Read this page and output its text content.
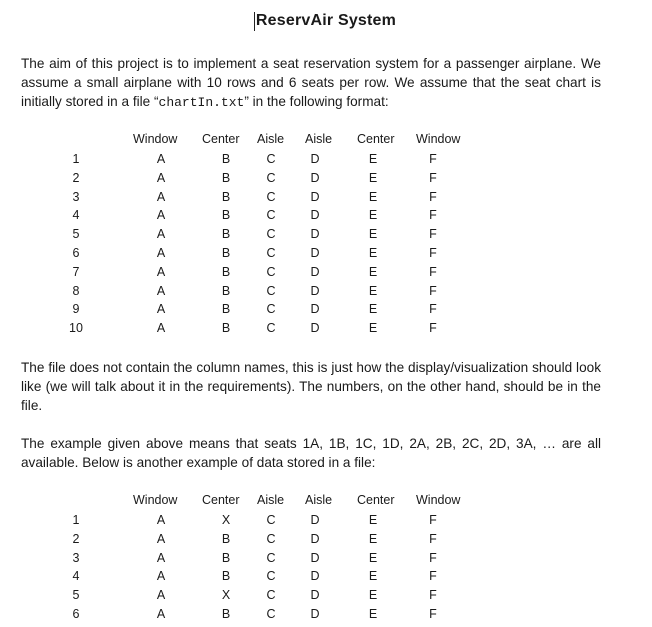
ReservAir System
The aim of this project is to implement a seat reservation system for a passenger airplane. We assume a small airplane with 10 rows and 6 seats per row. We assume that the seat chart is initially stored in a file “chartIn.txt” in the following format:
Window Center Aisle Aisle Center Window
1	A	B	C	D	E	F
2	A	B	C	D	E	F
3	A	B	C	D	E	F
4	A	B	C	D	E	F
5	A	B	C	D	E	F
6	A	B	C	D	E	F
7	A	B	C	D	E	F
8	A	B	C	D	E	F
9	A	B	C	D	E	F
10	A	B	C	D	E	F
The file does not contain the column names, this is just how the display/visualization should look like (we will talk about it in the requirements). The numbers, on the other hand, should be in the file.
The example given above means that seats 1A, 1B, 1C, 1D, 2A, 2B, 2C, 2D, 3A, … are all available. Below is another example of data stored in a file:
Window Center Aisle Aisle Center Window
1	A	X	C	D	E	F
2	A	B	C	D	E	F
3	A	B	C	D	E	F
4	A	B	C	D	E	F
5	A	X	C	D	E	F
6	A	B	C	D	E	F
